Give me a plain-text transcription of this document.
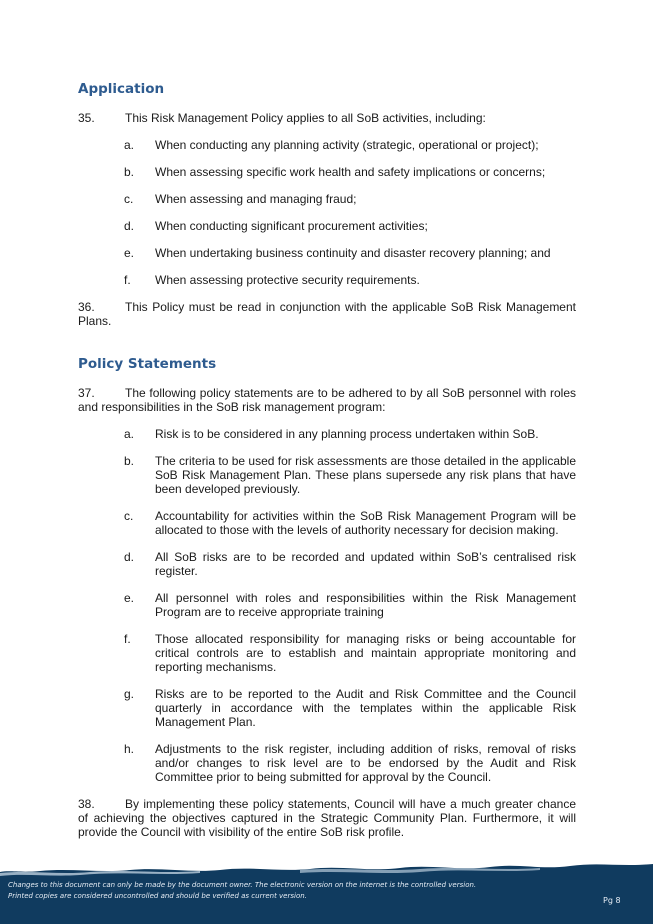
Application

35.	This Risk Management Policy applies to all SoB activities, including:

a.	When conducting any planning activity (strategic, operational or project);
b.	When assessing specific work health and safety implications or concerns;
c.	When assessing and managing fraud;
d.	When conducting significant procurement activities;
e.	When undertaking business continuity and disaster recovery planning; and
f.	When assessing protective security requirements.

36.	This Policy must be read in conjunction with the applicable SoB Risk Management Plans.

Policy Statements

37.	The following policy statements are to be adhered to by all SoB personnel with roles and responsibilities in the SoB risk management program:

a.	Risk is to be considered in any planning process undertaken within SoB.
b.	The criteria to be used for risk assessments are those detailed in the applicable SoB Risk Management Plan. These plans supersede any risk plans that have been developed previously.
c.	Accountability for activities within the SoB Risk Management Program will be allocated to those with the levels of authority necessary for decision making.
d.	All SoB risks are to be recorded and updated within SoB’s centralised risk register.
e.	All personnel with roles and responsibilities within the Risk Management Program are to receive appropriate training
f.	Those allocated responsibility for managing risks or being accountable for critical controls are to establish and maintain appropriate monitoring and reporting mechanisms.
g.	Risks are to be reported to the Audit and Risk Committee and the Council quarterly in accordance with the templates within the applicable Risk Management Plan.
h.	Adjustments to the risk register, including addition of risks, removal of risks and/or changes to risk level are to be endorsed by the Audit and Risk Committee prior to being submitted for approval by the Council.

38.	By implementing these policy statements, Council will have a much greater chance of achieving the objectives captured in the Strategic Community Plan. Furthermore, it will provide the Council with visibility of the entire SoB risk profile.

Changes to this document can only be made by the document owner. The electronic version on the internet is the controlled version.
Printed copies are considered uncontrolled and should be verified as current version.	Pg 8
